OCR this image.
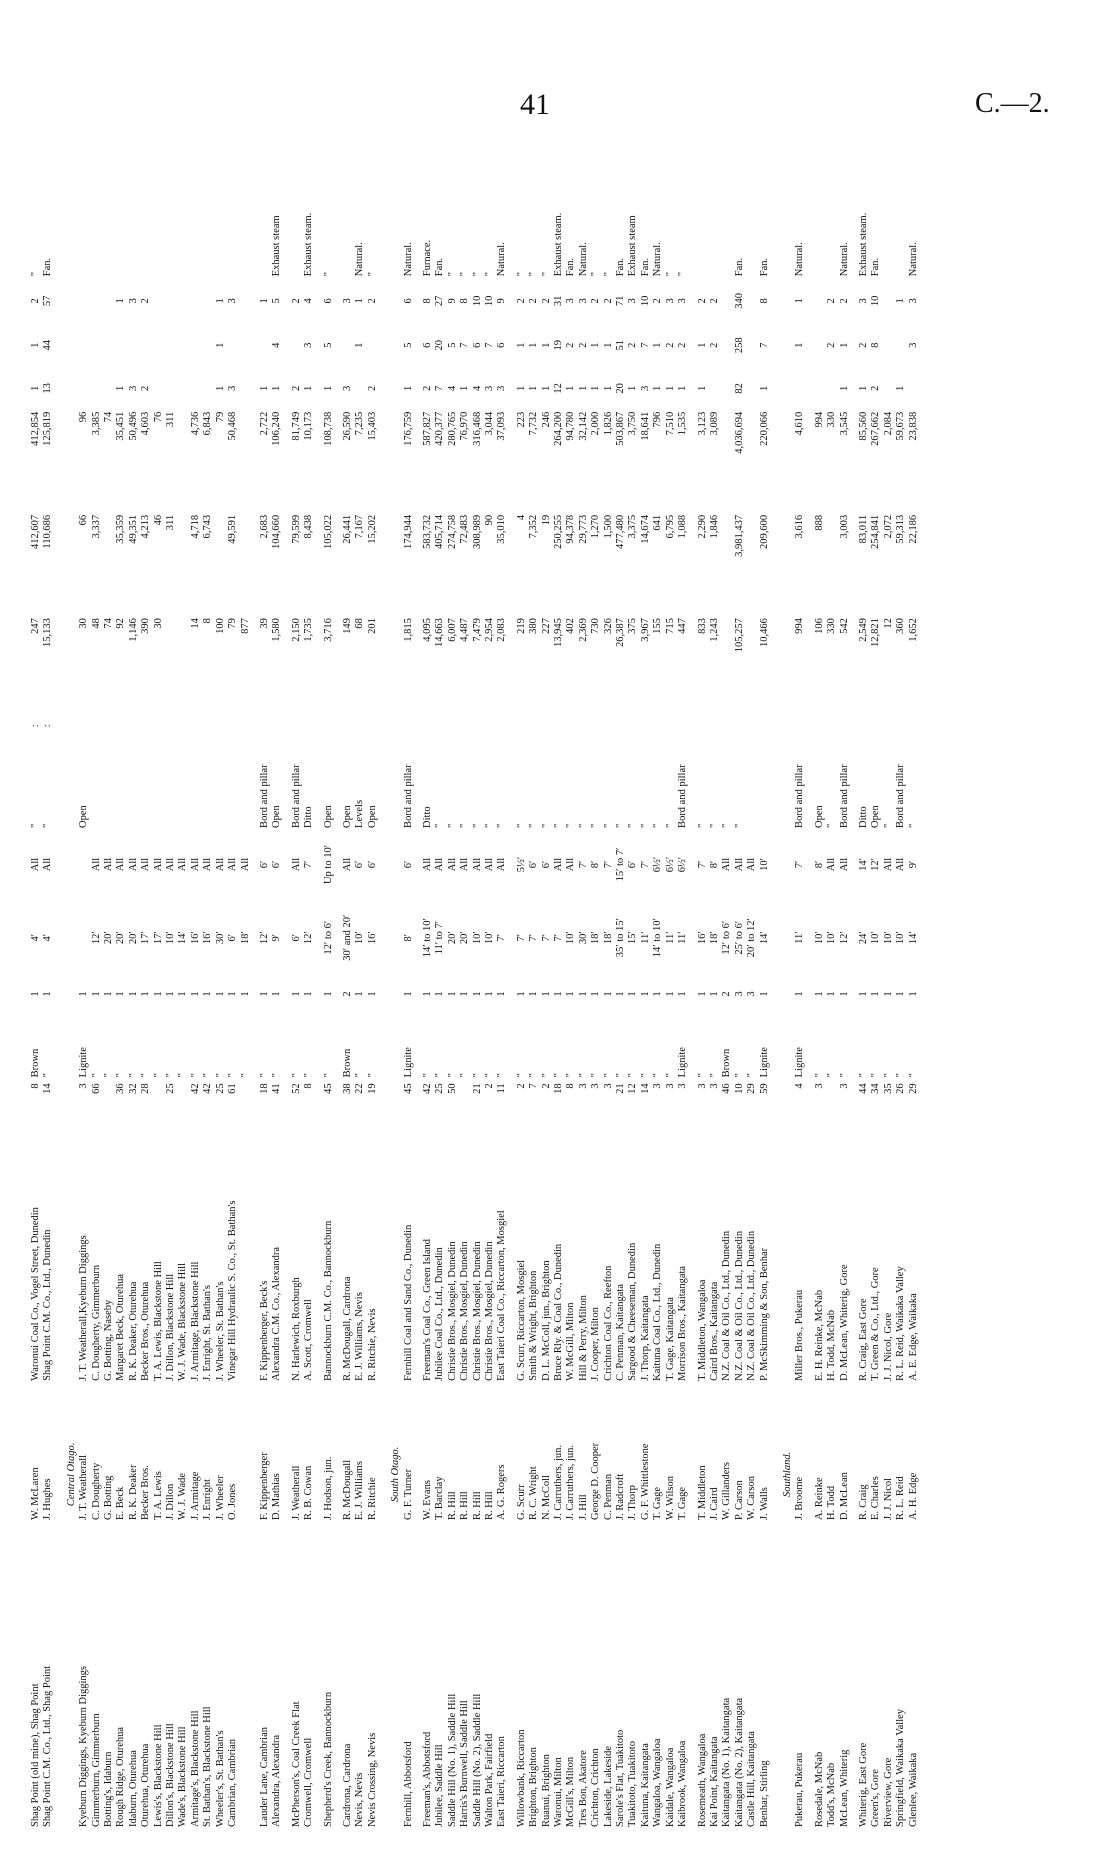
41	C.—2.
Shag Point (old mine), Shag Point	W. McLaren	Waronui Coal Co., Vogel Street, Dunedin	8	Brown	1	4′	All	"	:	247	412,607	412,854	1	1	2	"
Shag Point C.M. Co., Ltd., Shag Point	J. Hughes	Shag Point C.M. Co., Ltd., Dunedin	14	"	1	4′	All	"	:	15,133	110,686	125,819	13	44	57	Fan.

Central Otago.																
Kyeburn Diggings, Kyeburn Diggings	J. T. Weatherall	J. T. Weatherall,Kyeburn Diggings	3	Lignite	1			Open		30	66	96				
Gimmerburn, Gimmerburn	C. Dougherty	C. Dougherty, Gimmerburn	66	"	1	12′	All			48	3,337	3,385				
Botting's, Idaburn	G. Botting	G. Botting, Naseby		"	1	20′	All			74		74				
Rough Ridge, Oturehua	E. Beck	Margaret Beck, Oturehua	36	"	1	20′	All			92	35,359	35,451	1		1	
Idaburn, Oturehua	R. K. Deaker	R. K. Deaker, Oturehua	32	"	1	20′	All			1,146	49,351	50,496	3		3	
Oturehua, Oturehua	Becker Bros.	Becker Bros., Oturehua	28	"	1	17′	All			390	4,213	4,603	2		2	
Lewis's, Blackstone Hill	T. A. Lewis	T. A. Lewis, Blackstone Hill		"	1	17′	All			30	46	76				
Dillon's, Blackstone Hill	J. Dillon	J. Dillon, Blackstone Hill	25	"	1	10′	All				311	311				
Wade's, Blackstone Hill	W. J. Wade	W. J. Wade, Blackstone Hill		"	1	14′	All									
Armitage's, Blackstone Hill	J. Armitage	J. Armitage, Blackstone Hill	42	"	1	16′	All			14	4,718	4,736				
St. Bathan's, Blackstone Hill	J. Enright	J. Enright, St. Bathan's	42	"	1	16′	All			8	6,743	6,843				
Wheeler's, St. Bathan's	J. Wheeler	J. Wheeler, St. Bathan's	25	"	1	30′	All			100		79	1	1	1	
Cambrian, Cambrian	O. Jones	Vinegar Hill Hydraulic S. Co., St. Bathan's	61	"	1	6′	All			79	49,591	50,468	3		3	
				"	1	18′	All			877						

Lauder Lane, Cambrian	F. Kippenberger	F. Kippenberger, Beck's	18	"	1	12′	6′	Bord and pillar		39	2,683	2,722	1		1	
Alexandra, Alexandra	D. Mathias	Alexandra C.M. Co., Alexandra	41	"	1	9′	6′	Open		1,580	104,660	106,240	1	4	5	Exhaust steam

McPherson's, Coal Creek Flat	J. Weatherall	N. Harlewich, Roxburgh	52	"	1	6′	All	Bord and pillar		2,150	79,599	81,749	2		2	
Cromwell, Cromwell	R. B. Cowan	A. Scott, Cromwell	8	"	1	12′	7′	Ditto		1,735	8,438	10,173	1	3	4	Exhaust steam.

Shepherd's Creek, Bannockburn	J. Hodson, jun.	Bannockburn C.M. Co., Bannockburn	45	"	1	12′ to 6′	Up to 10′	Open		3,716	105,022	108,738	1	5	6	"

Cardrona, Cardrona	R. McDougall	R. McDougall, Cardrona	38	Brown	2	30′ and 20′	All	Open		149	26,441	26,590	3		3	
Nevis, Nevis	E. J. Williams	E. J. Williams, Nevis	22	"	1	10′	6′	Levels		68	7,167	7,235		1	1	Natural.
Nevis Crossing, Nevis	R. Ritchie	R. Ritchie, Nevis	19	"	1	16′	6′	Open		201	15,202	15,403	2		2	"

South Otago.																
Fernhill, Abbotsford	G. F. Turner	Fernhill Coal and Sand Co., Dunedin	45	Lignite	1	8′	6′	Bord and pillar		1,815	174,944	176,759	1	5	6	Natural.

Freeman's, Abbotsford	W. Evans	Freeman's Coal Co., Green Island	42	"	1	14′ to 10′	All	Ditto		4,095	583,732	587,827	2	6	8	Furnace.
Jubilee, Saddle Hill	T. Barclay	Jubilee Coal Co., Ltd., Dunedin	25	"	1	11′ to 7′	All	"		14,663	405,714	420,377	7	20	27	Fan.
Saddle Hill (No. 1), Saddle Hill	R. Hill	Christie Bros., Mosgiel, Dunedin	50	"	1	20′	All	"		6,007	274,758	280,765	4	5	9	"
Harris's Burnwell, Saddle Hill	R. Hill	Christie Bros., Mosgiel, Dunedin		"	1	20′	All	"		4,487	72,483	76,970	1	7	8	"
Saddle Hill (No. 2), Saddle Hill	R. Hill	Christie Bros., Mosgiel, Dunedin	21	"	1	10′	All	"		7,479	308,989	316,468	4	6	10	"
Walton Park, Fairfield	R. Hill	Christie Bros., Mosgiel, Dunedin	2	"	1	10′	All	"		2,954	90	3,044	3	7	10	"
East Taieri, Riccarton	A. G. Rogers	East Taieri Coal Co., Riccarton, Mosgiel	11	"	1	7′	All	"		2,083	35,010	37,093	3	6	9	Natural.

Willowbank, Riccarton	G. Scurr	G. Scurr, Riccarton, Mosgiel	2	"	1	7′	5½′	"		219	4	223	1	1	2	"
Brighton, Brighton	R. C. Wright	Smith & Wright, Brighton	7	"	1	7′	6′	"		380	7,352	7,732	1	1	2	"
Ruanui, Brighton	N. McColl	D. L. McColl, jun., Brighton	2	"	1	7′	6′	"		227	19	246	1	1	2	"
Waronui, Milton	J. Carruthers, jun.	Bruce Rly. & Coal Co., Dunedin	18	"	1	7′	All	"		13,945	250,255	264,200	12	19	31	Exhaust steam.
McGill's, Milton	J. Carruthers, jun.	W. McGill, Milton	8	"	1	10′	All	"		402	94,378	94,780	1	2	3	Fan.
Tres Bon, Akatore	J. Hill	Hill & Perry, Milton	3	"	1	30′	7′	"		2,369	29,773	32,142	1	2	3	Natural.
Crichton, Crichton	George D. Cooper	J. Cooper, Milton	3	"	1	18′	8′	"		730	1,270	2,000	1	1	2	"
Lakeside, Lakeside	C. Penman	Crichton Coal Co., Reefton	3	"	1	18′	7′	"		326	1,500	1,826	1	1	2	"
Sarole's Flat, Tuakitoto	J. Radcroft	C. Penman, Kaitangata	21	"	1	35′ to 15′	15′ to 7′	"		26,387	477,480	503,867	20	51	71	Fan.
Tuakitoto, Tuakitoto	J. Thorp	Sargood & Cheeseman, Dunedin	12	"	1	15′	6′	"		375	3,375	3,750	1	2	3	Exhaust steam
Kaituna, Kaitangata	G. F. Whittlestone	J. Thorp, Kaitangata	14	"	1	11′	7′	"		3,967	14,674	18,641	3	7	10	Fan.
Wangaloa, Wangaloa	T. Gage	Kaituna Coal Co., Ltd., Dunedin	3	"	1	14′ to 10′	6½′	"		155	641	796	1	1	2	Natural.
Kaidale, Wangaloa	W. Wilson	T. Gage, Kaitangata	3	"	1	11′	6½′	"		715	6,795	7,510	1	2	3	"
Kaibrook, Wangaloa	T. Gage	Morrison Bros., Kaitangata	3	Lignite	1	11′	6½′	Bord and pillar		447	1,088	1,535	1	2	3	"

Rosemeath, Wangaloa	T. Middleton	T. Middleton, Wangaloa	3	"	1	16′	7′	"		833	2,290	3,123	1	1	2	
Kai Point, Kaitangata	J. Caird	Caird Bros., Kaitangata	3	"	1	18′	8′	"		1,243	1,846	3,089		2	2	
Kaitangata (No. 1), Kaitangata	W. Gillanders	N.Z. Coal & Oil Co., Ltd., Dunedin	46	Brown	2	12′ to 6′	All	"								
Kaitangata (No. 2), Kaitangata	P. Carson	N.Z. Coal & Oil Co., Ltd., Dunedin	10	"	3	25′ to 6′	All	"		105,257	3,981,437	4,036,694	82	258	340	Fan.
Castle Hill, Kaitangata	W. Carson	N.Z. Coal & Oil Co., Ltd., Dunedin	29	"	3	20′ to 12′	All									
Benhar, Stirling	J. Walls	P. McSkimming & Son, Benhar	59	Lignite	1	14′	10′			10,466	209,600	220,066	1	7	8	Fan.

Southland.																
Pukerau, Pukerau	J. Broome	Miller Bros., Pukerau	4	Lignite	1	11′	7′	Bord and pillar		994	3,616	4,610		1	1	Natural.

Rosedale, McNab	A. Reinke	E. H. Reinke, McNab	3	"	1	10′	8′	Open		106	888	994				
Todd's, McNab	H. Todd	H. Todd, McNab		"	1	10′	All	"		330		330		2	2	
McLean, Whiterig	D. McLean	D. McLean, Whiterig, Gore	3	"	1	12′	All	Bord and pillar		542	3,003	3,545	1	1	2	Natural.

Whiterig, East Gore	R. Craig	R. Craig, East Gore	44	"	1	24′	14′	Ditto		2,549	83,011	85,560	1	2	3	Exhaust steam.
Green's, Gore	E. Charles	T. Green & Co., Ltd., Gore	34	"	1	10′	12′	Open		12,821	254,841	267,662	2	8	10	Fan.
Riverview, Gore	J. J. Nicol	J. J. Nicol, Gore	35	"	1	10′	All	"		12	2,072	2,084				
Springfield, Waikaka Valley	R. L. Reid	R. L. Reid, Waikaka Valley	26	"	1	10′	All	Bord and pillar		360	59,313	59,673	1		1	
Glenlee, Waikaka	A. H. Edge	A. E. Edge, Waikaka	29	"	1	14′	9′	"		1,652	22,186	23,838		3	3	Natural.
